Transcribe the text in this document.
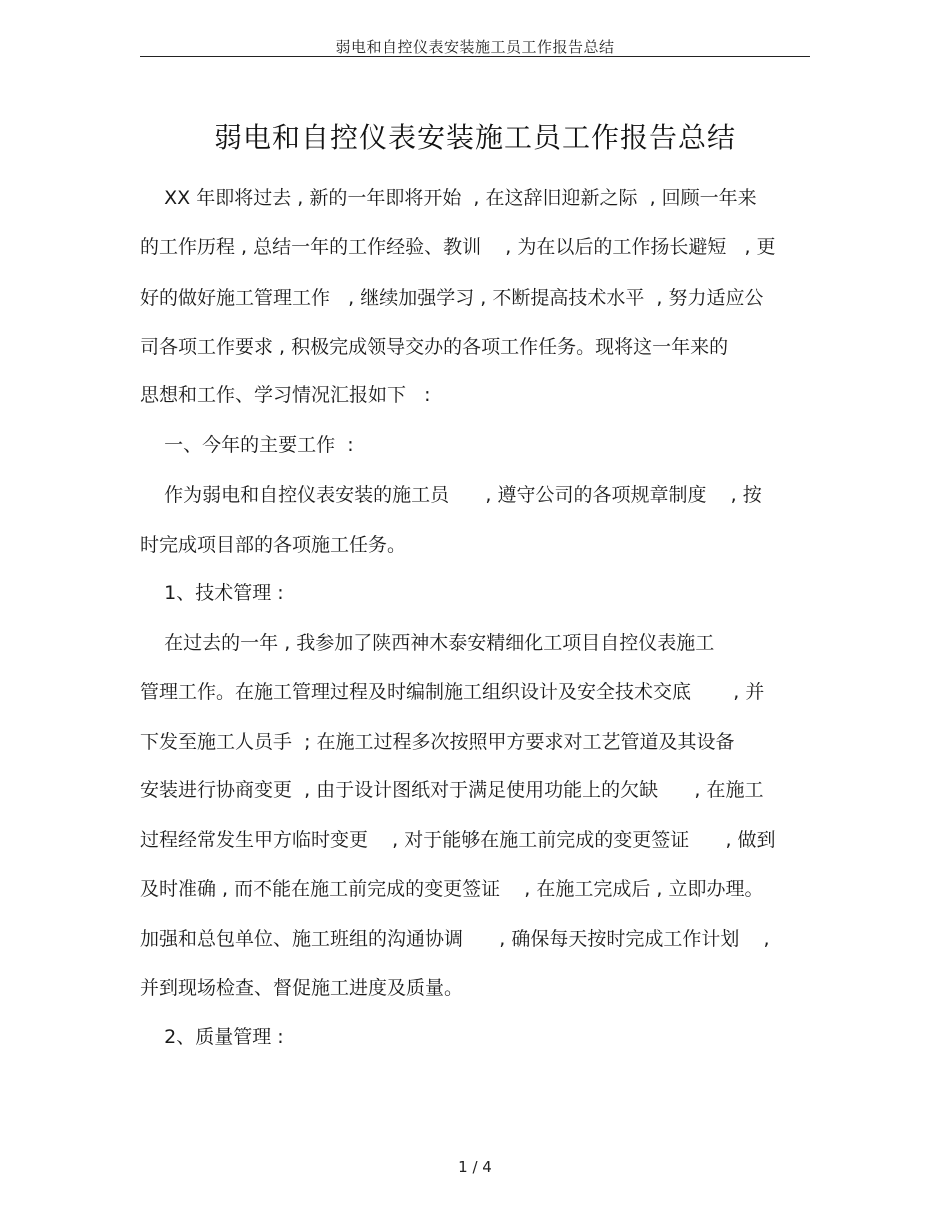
弱电和自控仪表安装施工员工作报告总结
弱电和自控仪表安装施工员工作报告总结
XX 年即将过去 , 新的一年即将开始  , 在这辞旧迎新之际  , 回顾一年来
的工作历程 , 总结一年的工作经验、教训    , 为在以后的工作扬长避短   , 更
好的做好施工管理工作   , 继续加强学习 , 不断提高技术水平  , 努力适应公
司各项工作要求 , 积极完成领导交办的各项工作任务。现将这一年来的
思想和工作、学习情况汇报如下   :
一、今年的主要工作  :
作为弱电和自控仪表安装的施工员      , 遵守公司的各项规章制度    , 按
时完成项目部的各项施工任务。
1、技术管理 :
在过去的一年 , 我参加了陕西神木泰安精细化工项目自控仪表施工
管理工作。在施工管理过程及时编制施工组织设计及安全技术交底       , 并
下发至施工人员手  ; 在施工过程多次按照甲方要求对工艺管道及其设备
安装进行协商变更  , 由于设计图纸对于满足使用功能上的欠缺      , 在施工
过程经常发生甲方临时变更    , 对于能够在施工前完成的变更签证      , 做到
及时准确 , 而不能在施工前完成的变更签证    , 在施工完成后 , 立即办理。
加强和总包单位、施工班组的沟通协调      , 确保每天按时完成工作计划    ,
并到现场检查、督促施工进度及质量。
2、质量管理 :
1 / 4
